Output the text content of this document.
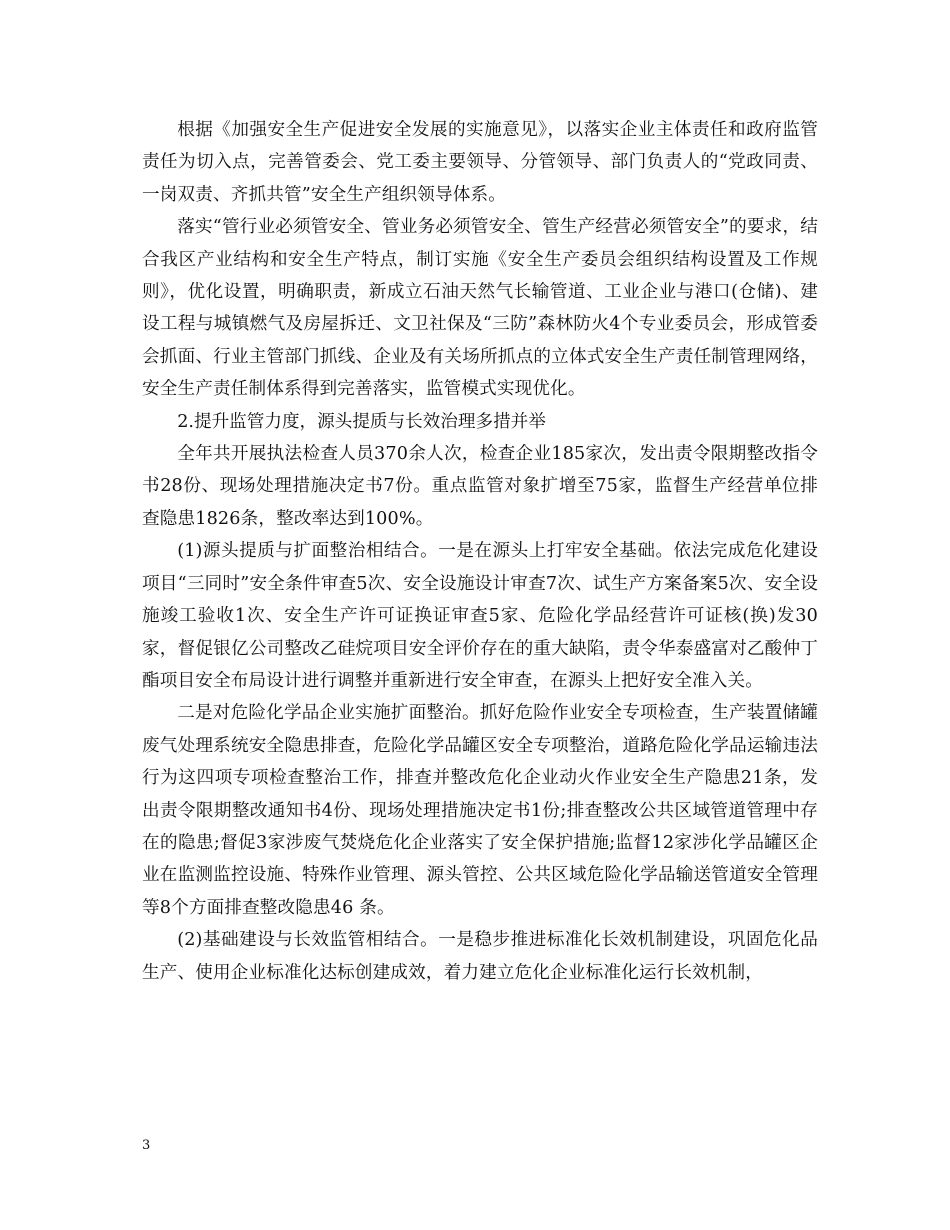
根据《加强安全生产促进安全发展的实施意见》，以落实企业主体责任和政府监管责任为切入点，完善管委会、党工委主要领导、分管领导、部门负责人的“党政同责、一岗双责、齐抓共管”安全生产组织领导体系。

落实“管行业必须管安全、管业务必须管安全、管生产经营必须管安全”的要求，结合我区产业结构和安全生产特点，制订实施《安全生产委员会组织结构设置及工作规则》，优化设置，明确职责，新成立石油天然气长输管道、工业企业与港口(仓储)、建设工程与城镇燃气及房屋拆迁、文卫社保及“三防”森林防火4个专业委员会，形成管委会抓面、行业主管部门抓线、企业及有关场所抓点的立体式安全生产责任制管理网络，安全生产责任制体系得到完善落实，监管模式实现优化。

2.提升监管力度，源头提质与长效治理多措并举

全年共开展执法检查人员370余人次，检查企业185家次，发出责令限期整改指令书28份、现场处理措施决定书7份。重点监管对象扩增至75家，监督生产经营单位排查隐患1826条，整改率达到100%。

(1)源头提质与扩面整治相结合。一是在源头上打牢安全基础。依法完成危化建设项目“三同时”安全条件审查5次、安全设施设计审查7次、试生产方案备案5次、安全设施竣工验收1次、安全生产许可证换证审查5家、危险化学品经营许可证核(换)发30家，督促银亿公司整改乙硅烷项目安全评价存在的重大缺陷，责令华泰盛富对乙酸仲丁酯项目安全布局设计进行调整并重新进行安全审查，在源头上把好安全准入关。

二是对危险化学品企业实施扩面整治。抓好危险作业安全专项检查，生产装置储罐废气处理系统安全隐患排查，危险化学品罐区安全专项整治，道路危险化学品运输违法行为这四项专项检查整治工作，排查并整改危化企业动火作业安全生产隐患21条，发出责令限期整改通知书4份、现场处理措施决定书1份;排查整改公共区域管道管理中存在的隐患;督促3家涉废气焚烧危化企业落实了安全保护措施;监督12家涉化学品罐区企业在监测监控设施、特殊作业管理、源头管控、公共区域危险化学品输送管道安全管理等8个方面排查整改隐患46 条。

(2)基础建设与长效监管相结合。一是稳步推进标准化长效机制建设，巩固危化品生产、使用企业标准化达标创建成效，着力建立危化企业标准化运行长效机制，

3
